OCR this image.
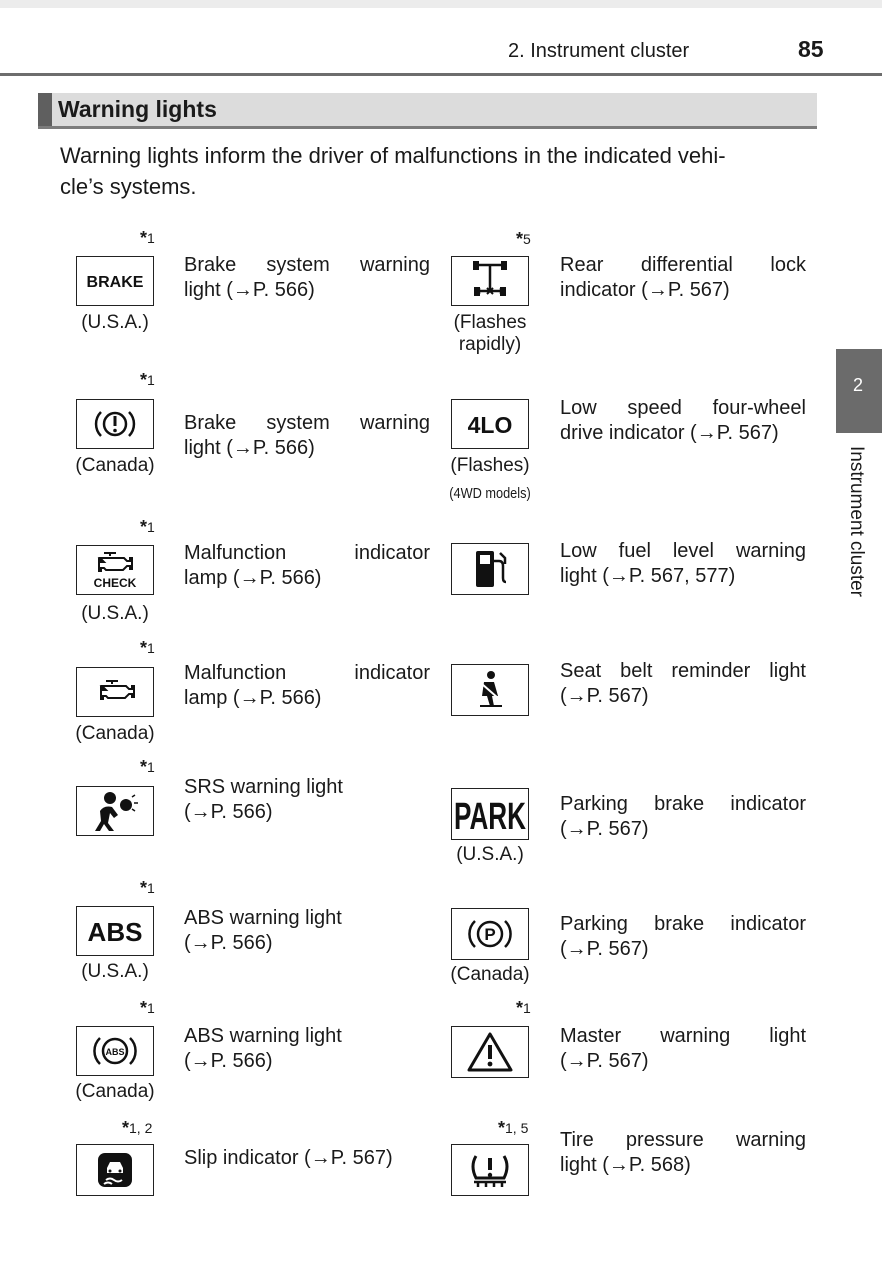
2. Instrument cluster	85
Warning lights
Warning lights inform the driver of malfunctions in the indicated vehi-
cle’s systems.
2
Instrument cluster
$*_1$
BRAKE
(U.S.A.)
Brake system warning
light (→P. 566)
$*_1$
(Canada)
Brake system warning
light (→P. 566)
$*_1$
CHECK
(U.S.A.)
Malfunction indicator
lamp (→P. 566)
$*_1$
(Canada)
Malfunction indicator
lamp (→P. 566)
$*_1$
SRS warning light
(→P. 566)
$*_1$
ABS
(U.S.A.)
ABS warning light
(→P. 566)
$*_1$
ABS
(Canada)
ABS warning light
(→P. 566)
$*_{1, 2}$
Slip indicator (→P. 567)
$*_5$
(Flashes
rapidly)
Rear differential lock
indicator (→P. 567)
4LO
(Flashes)
(4WD models)
Low speed four-wheel
drive indicator (→P. 567)
Low fuel level warning
light (→P. 567, 577)
Seat belt reminder light
(→P. 567)
PARK
(U.S.A.)
Parking brake indicator
(→P. 567)
P
(Canada)
Parking brake indicator
(→P. 567)
$*_1$
Master warning light
(→P. 567)
$*_{1, 5}$
Tire pressure warning
light (→P. 568)
